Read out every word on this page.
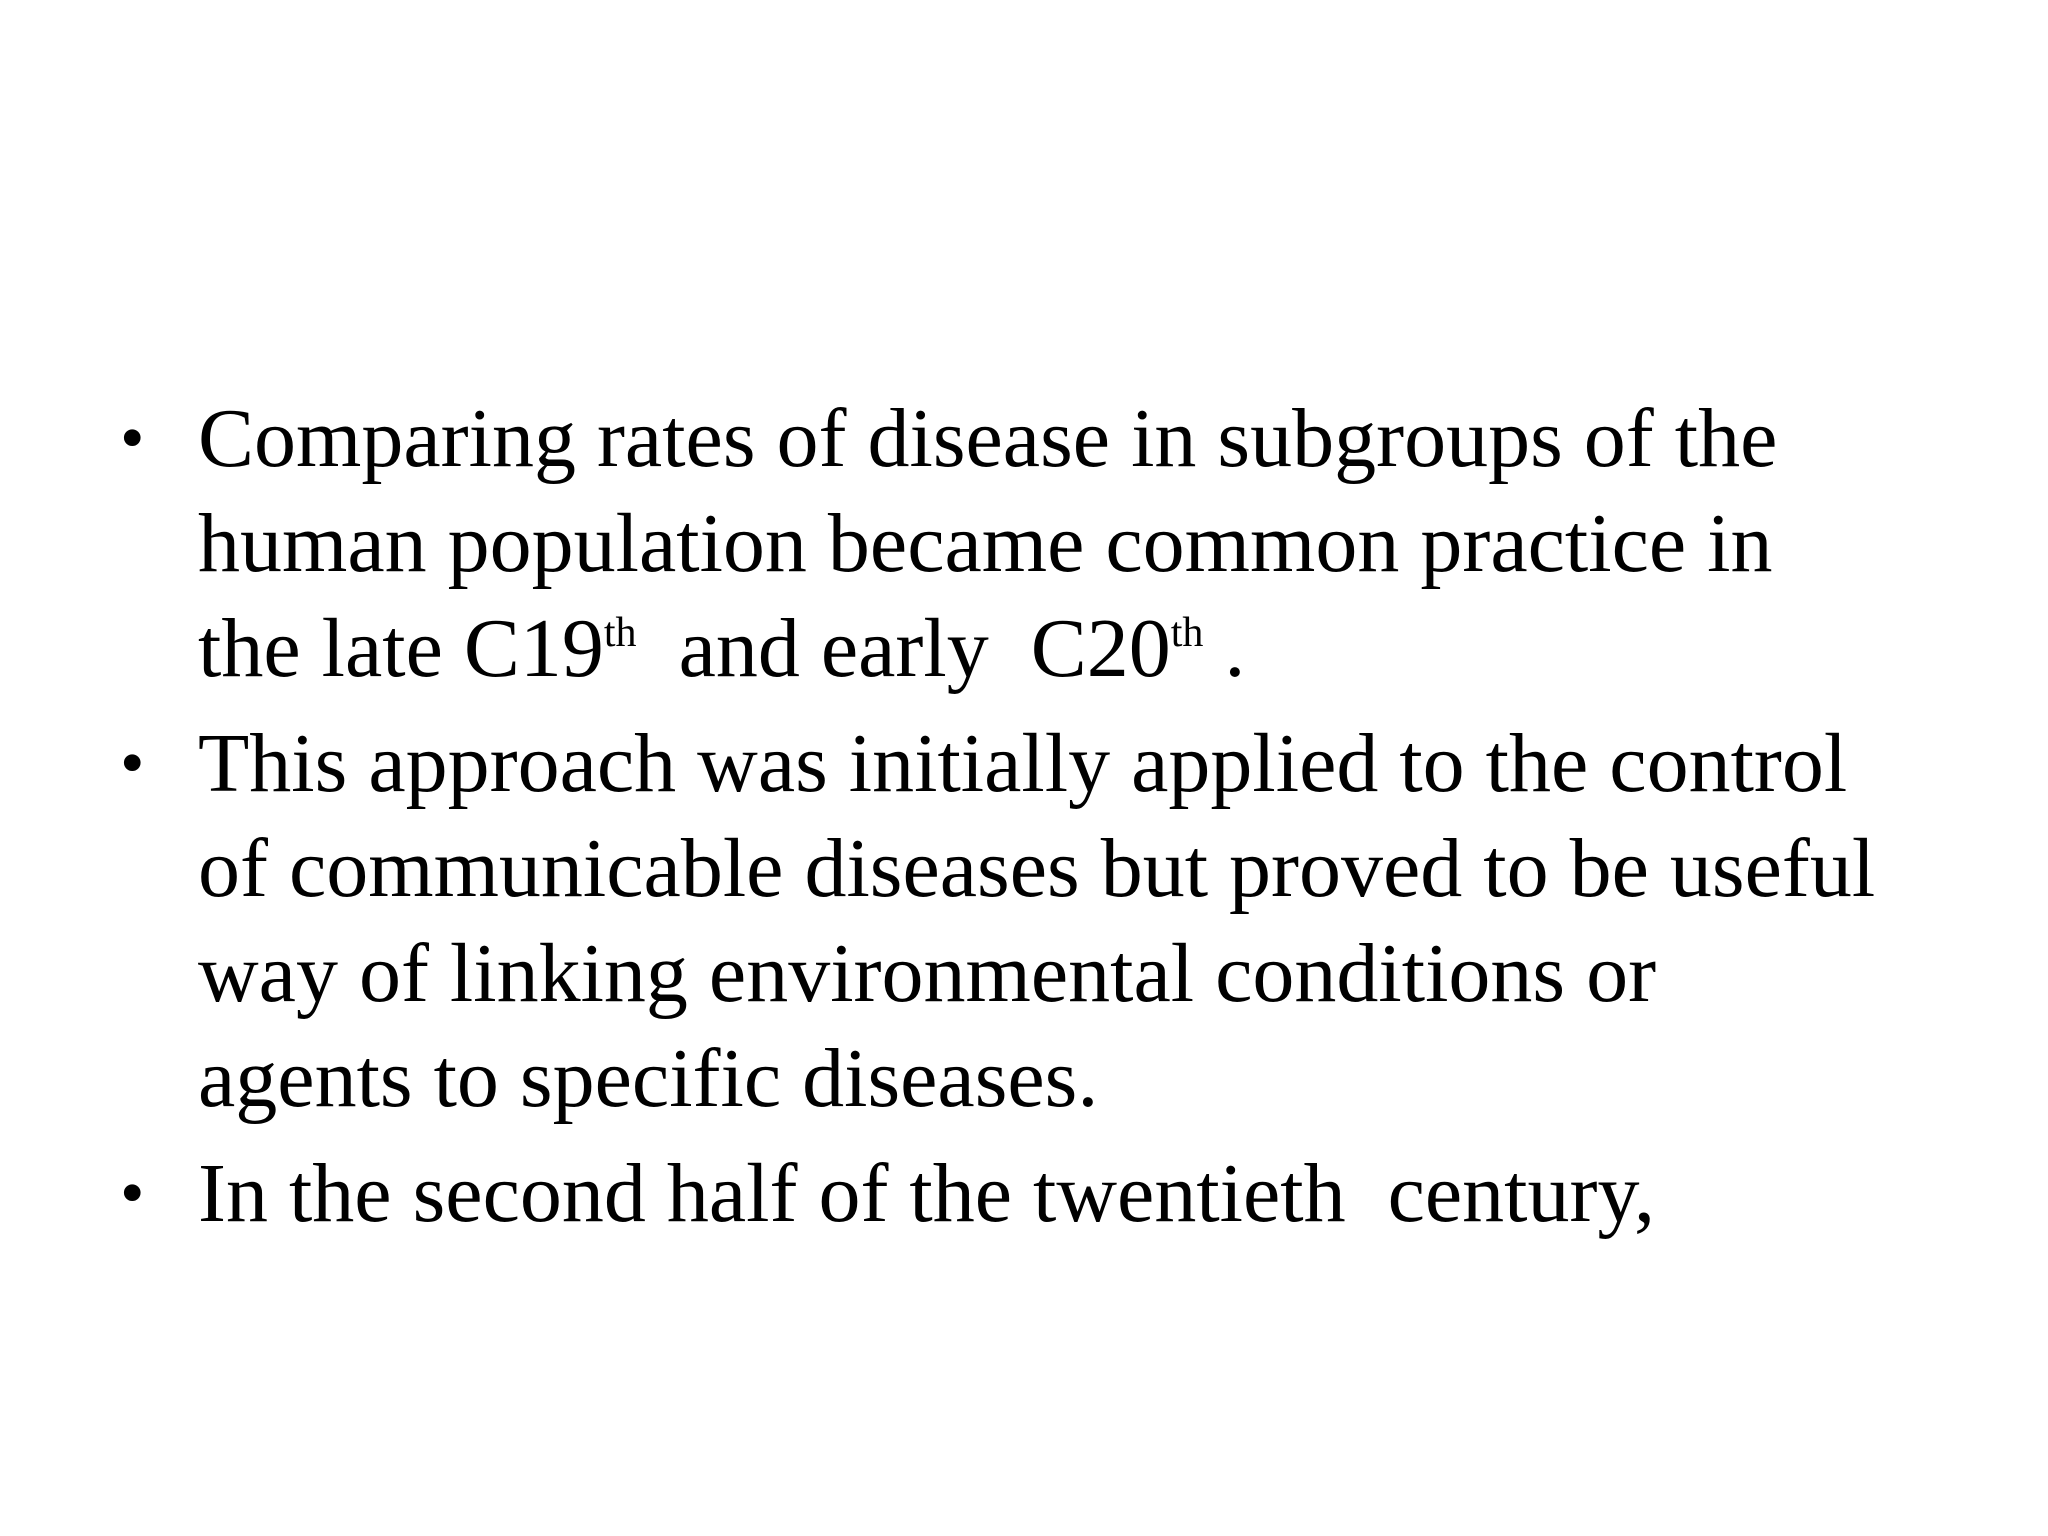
• Comparing rates of disease in subgroups of the
human population became common practice in
the late C19th  and early  C20th .
• This approach was initially applied to the control
of communicable diseases but proved to be useful
way of linking environmental conditions or
agents to specific diseases.
• In the second half of the twentieth  century,
